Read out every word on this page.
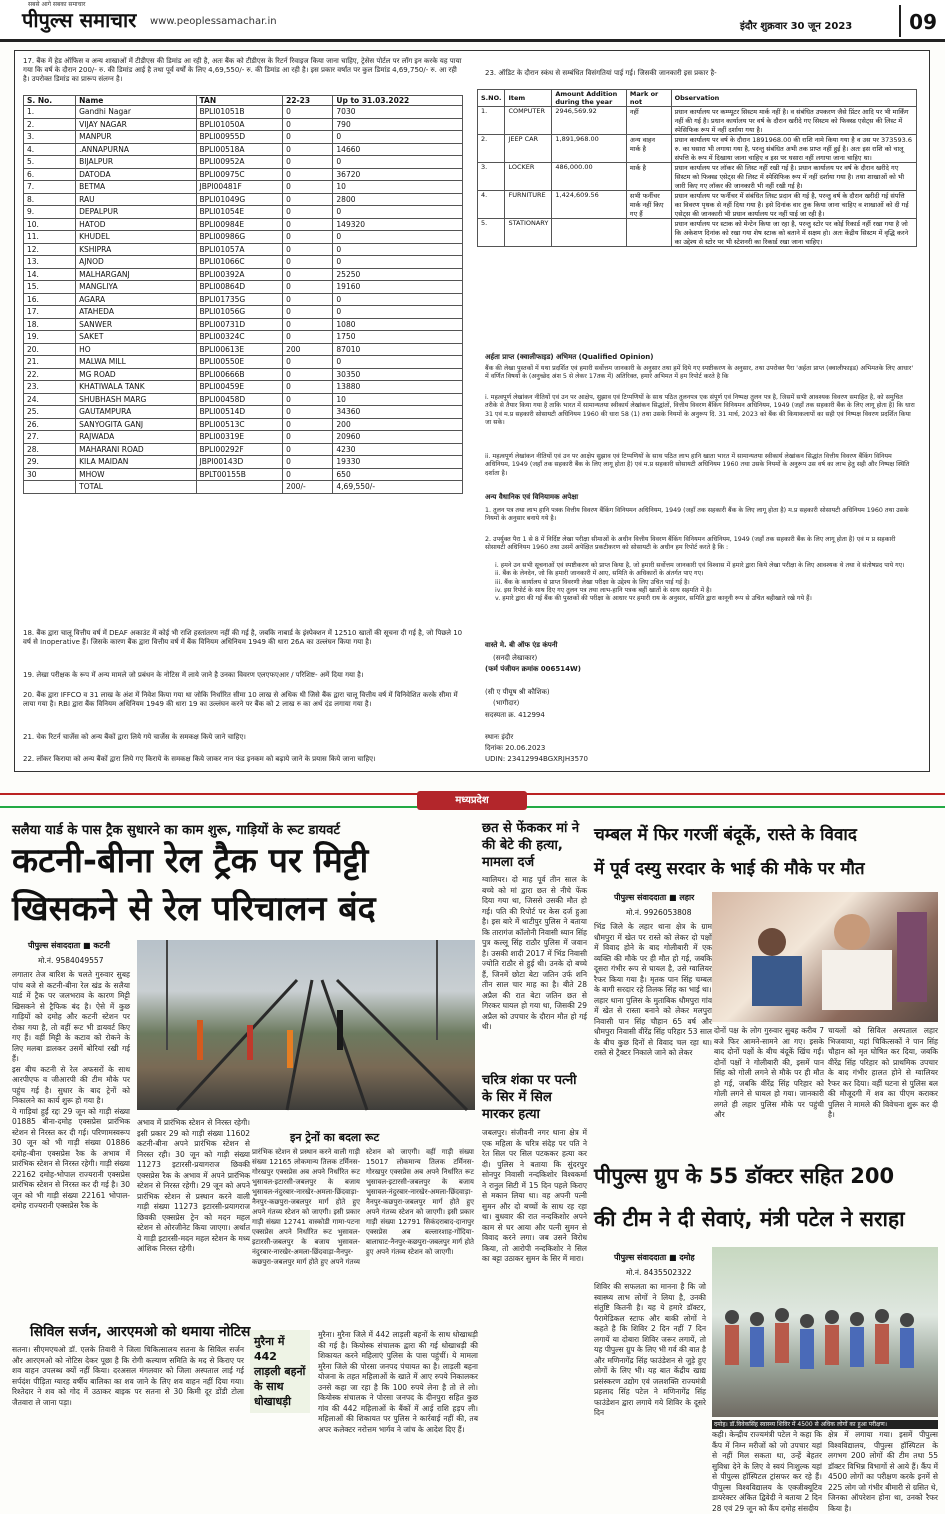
सबसे आगे सबका समाचार
पीपुल्स समाचार www.peoplessamachar.in	इंदौर शुक्रवार 30 जून 2023	09
17. बैंक में हेड ऑफिस व अन्य शाखाओं में टीडीएस की डिमांड आ रही है, अतः बैंक को टीडीएस के रिटर्न रिवाइज किया जाना चाहिए, ट्रेसेस पोर्टल पर लॉग इन करके यह पाया गया कि वर्ष के दौरान 200/- रु. की डिमांड आई है तथा पूर्व वर्षों के लिए 4,69,550/- रु. की डिमांड आ रही है। इस प्रकार वर्षांत पर कुल डिमांड 4,69,750/- रु. आ रही है। उपरोक्त डिमांड का प्रारूप संलग्न है।
S. No.	Name	TAN	22-23	Up to 31.03.2022
1.	Gandhi Nagar	BPLI01051B	0	7030
2.	VIJAY NAGAR	BPLI01050A	0	790
3.	MANPUR	BPLI00955D	0	0
4.	.ANNAPURNA	BPLI00518A	0	14660
5.	BIJALPUR	BPLI00952A	0	0
6.	DATODA	BPLI00975C	0	36720
7.	BETMA	JBPI00481F	0	10
8.	RAU	BPLI01049G	0	2800
9.	DEPALPUR	BPLI01054E	0	0
10.	HATOD	BPLI00984E	0	149320
11.	KHUDEL	BPLI00986G	0	0
12.	KSHIPRA	BPLI01057A	0	0
13.	AJNOD	BPLI01066C	0	0
14.	MALHARGANJ	BPLI00392A	0	25250
15.	MANGLIYA	BPLI00864D	0	19160
16.	AGARA	BPLI01735G	0	0
17.	ATAHEDA	BPLI01056G	0	0
18.	SANWER	BPLI00731D	0	1080
19.	SAKET	BPLI00324C	0	1750
20.	HO	BPLI00613E	200	87010
21.	MALWA MILL	BPLI00550E	0	0
22.	MG ROAD	BPLI00666B	0	30350
23.	KHATIWALA TANK	BPLI00459E	0	13880
24.	SHUBHASH MARG	BPLI00458D	0	10
25.	GAUTAMPURA	BPLI00514D	0	34360
26.	SANYOGITA GANJ	BPLI00513C	0	200
27.	RAJWADA	BPLI00319E	0	20960
28.	MAHARANI ROAD	BPLI00292F	0	4230
29.	KILA MAIDAN	JBPI00143D	0	19330
30	MHOW	BPLT00155B	0	650
	TOTAL		200/-	4,69,550/-
18. बैंक द्वारा चालू वित्तीय वर्ष में DEAF अकाउंट में कोई भी राशि हस्तांतरण नहीं की गई है, जबकि नाबार्ड के इंस्पेक्शन में 12510 खातों की सूचना दी गई है, जो पिछले 10 वर्ष से Inoperative हैं। जिसके कारण बैंक द्वारा वित्तीय वर्ष में बैंक विनियम अधिनियम 1949 की धारा 26A का उल्लंघन किया गया है।
19. लेखा परीक्षक के रूप में अन्य मामले जो प्रबंधन के नोटिस में लाये जाने है उनका विवरण एलएफएआर / परिशिष्ट- अमें दिया गया है।
20. बैंक द्वारा IFFCO व 31 लाख के अंश में निवेश किया गया था जोकि निर्धारित सीमा 10 लाख से अधिक थी जिसे बैंक द्वारा चालू वित्तीय वर्ष में विनिवेशित करके सीमा में लाया गया है। RBI द्वारा बैंक विनियम अधिनियम 1949 की धारा 19 का उल्लंघन करने पर बैंक को 2 लाख रु का अर्थ दंड लगाया गया है।
21. चेक रिटर्न चार्जेस को अन्य बैंकों द्वारा लिये गये चार्जेस के समकक्ष किये जाने चाहिए।
22. लॉकर किराया को अन्य बैंकों द्वारा लिये गए किराये के समकक्ष किये जाकर नान फंड इनकम को बढ़ाये जाने के प्रयास किये जाना चाहिए।
23. ऑडिट के दौरान स्कंध से सम्बंधित विसंगतियां पाई गई। जिसकी जानकारी इस प्रकार है-
S.NO.	Item	Amount Addition during the year	Mark or not	Observation
1.	COMPUTER	2946,569.92	नहीं	प्रधान कार्यालय पर कम्प्यूटर सिस्टम मार्क नहीं है। व संबंधित उपकरण जैसे प्रिंटर आदि पर भी मार्किंग नहीं की गई है। प्रधान कार्यालय पर वर्ष के दौरान खरीदे गए सिस्टम को फिक्स्ड एसेट्स की लिस्ट में स्पेसिफिक रूप में नहीं दर्शाया गया है।
2.	JEEP CAR	1,891,968.00	अन्य वाहन मार्क है	प्रधान कार्यालय पर वर्ष के दौरान 1891968.00 की राशि नामे किया गया है व उस पर 373593.6 रु. का घसारा भी लगाया गया है, परन्तु संबंधित अभी तक प्राप्त नहीं हुई है। अतः इस राशि को चालू संपत्ति के रूप में दिखाया जाना चाहिए व इस पर घसारा नहीं लगाया जाना चाहिए था।
3.	LOCKER	486,000.00	मार्क है	प्रधान कार्यालय पर लॉकर की लिस्ट नहीं रखी गई है। प्रधान कार्यालय पर वर्ष के दौरान खरीदे गए सिस्टम को फिक्स्ड एसेट्स की लिस्ट में स्पेसिफिक रूप में नहीं दर्शाया गया है। तथा शाखाओं को भी जारी किए गए लॉकर की जानकारी भी नहीं रखी गई है।
4.	FURNITURE	1,424,609.56	सभी फर्नीचर मार्क नहीं किए गए हैं	प्रधान कार्यालय पर फर्नीचर में संबंधित लिस्ट प्रदान की गई है, परन्तु वर्ष के दौरान खरीदी गई संपत्ति का विवरण पृथक से नहीं दिया गया है। इसे दिनांक वार तुक किया जाना चाहिए व शाखाओं को दी गई एसेट्स की जानकारी भी प्रधान कार्यालय पर नहीं पाई जा रही है।
5.	STATIONARY			प्रधान कार्यालय पर स्टाक को मेन्टेन किया जा रहा है, परन्तु स्टोर पर कोई रिकार्ड नहीं रखा गया है जो कि अकेशण दिनांक को रखा गया शेष स्टाक को बताने में सक्षम हो। अतः केंद्रीय सिस्टम में वृद्धि करने का उद्देश्य से स्टोर पर भी स्टेशनरी का रिकार्ड रखा जाना चाहिए।
अर्हता प्राप्त (क्वालीफाइड) अभिमत (Qualified Opinion)
बैंक की लेखा पुस्तकों में यथा प्रदर्शित एवं हमारी सर्वोत्तम जानकारी के अनुसार तथा हमें दिये गए स्पष्टीकरण के अनुसार, तथा उपरोक्त पैरा 'अर्हता प्राप्त (क्वालीफाइड) अभिमतके लिए आधार' में वर्णित विषयों के (अनुच्छेद अंश 5 से लेकर 17तक में) अतिरिक्त, हमारे अभिमत में हम रिपोर्ट करते है कि
i. महत्वपूर्ण लेखांकन नीतियों एवं उन पर आक्षेप, सुझाव एवं टिप्पणियों के साथ पठित तुलनपत्र एक संपूर्ण एवं निष्पक्ष तुलन पत्र है, जिसमें सभी आवश्यक विवरण समाहित है, को समुचित तरीके से तैयार किया गया है ताकि भारत में सामान्यतया स्वीकार्य लेखांकन सिद्धांतों, वित्तीय विवरण बैंकिंग विनियमन अधिनियम, 1949 (जहाँ तक सहकारी बैंक के लिए लागू होता है) कि धारा 31 एवं म.प्र सहकारी सोसायटी अधिनियम 1960 की धारा 58 (1) तथा उसके नियमों के अनुरूप दि. 31 मार्च, 2023 को बैंक की कियाकलापों का सही एवं निष्पक्ष विवरण प्रदर्शित किया जा सके।
ii. महत्वपूर्ण लेखांकन नीतियों एवं उन पर आक्षेप सुझाव एवं टिप्पणियों के साथ पठित लाभ हानि खाता भारत में सामान्यतया स्वीकार्य लेखांकन सिद्धांत वित्तीय विवरण बैंकिंग विनियम अधिनियम, 1949 (जहाँ तक सहकारी बैंक के लिए लागू होता है) एवं म.प्र सहकारी सोसायटी अधिनियम 1960 तथा उसके नियमों के अनुरूप उस वर्ष का लाभ हेतु सही और निष्पक्ष स्थिति दर्शाता है।
अन्य वैधानिक एवं विनियामक अपेक्षा
1. तुलन पत्र तथा लाभ हानि पत्रक वित्तीय विवरण बैंकिंग विनियमन अधिनियम, 1949 (जहाँ तक सहकारी बैंक के लिए लागू होता है) म.प्र सहकारी सोसायटी अधिनियम 1960 तथा उसके नियमों के अनुसार बनाये गये है।
2. उपर्युक्त पैरा 1 से 8 में निर्दिष्ट लेखा परीक्षा सीमाओं के अधीन वित्तीय विवरण बैंकिंग विनियमन अधिनियम, 1949 (जहाँ तक सहकारी बैंक के लिए लागू होता है) एवं म प्र सहकारी सोसायटी अधिनियम 1960 तथा उसमें अपेक्षित प्रकटीकरण को सोसायटी के अधीन हम रिपोर्ट करते है कि :
i. हमने उन सभी सूचनाओं एवं स्पष्टीकरण को प्राप्त किया है, जो हमारी सर्वोत्तम जानकारी एवं विश्वास में हमारे द्वारा किये लेखा परीक्षा के लिए आवश्यक थे तथा वे संतोषप्रद पाये गए।
ii. बैंक के लेनदेन, जो कि हमारी जानकारी में आए, समिति के अधिकारों के अंतर्गत पाए गए।
iii. बैंक के कार्यालय से प्राप्त विवरणी लेखा परीक्षा के उद्देश्य के लिए उचित पाई गई है।
iv. इस रिपोर्ट के साथ दिए गए तुलन पत्र तथा लाभ-हानि पत्रक बहीं खातों के साथ सहमति में है।
v. हमारे द्वारा की गई बैंक की पुस्तकों की परीक्षा के आधार पर हमारी राय के अनुसार, समिति द्वारा कानूनी रूप से उचित बहीखाते रखे गये हैं।
वास्ते मे. बी ऑफ एंड कंपनी
(सनदी लेखाकार)
(फर्म पंजीयन क्रमांक 006514W)
(सी ए पीयूष श्री कौशिक)
(भागीदार)
सदस्यता क्र. 412994
स्थानः इंदौर
दिनांकः 20.06.2023
UDIN: 23412994BGXRJH3570
मध्यप्रदेश
सलैया यार्ड के पास ट्रैक सुधारने का काम शुरू, गाड़ियों के रूट डायवर्ट
कटनी-बीना रेल ट्रैक पर मिट्टी
खिसकने से रेल परिचालन बंद
पीपुल्स संवाददाता ■ कटनी
मो.नं. 9584049557
लगातार तेज बारिश के चलते गुरुवार सुबह पांच बजे से कटनी-बीना रेल खंड के सलैया यार्ड में ट्रैक पर जलभराव के कारण मिट्टी खिसकने से ट्रैफिक बंद है। ऐसे में कुछ गाड़ियों को दमोह और कटनी स्टेशन पर रोका गया है, तो वहीं रूट भी डायवर्ट किए गए हैं। वहीं मिट्टी के कटाव को रोकने के लिए मलबा डालकर उसमें बोरियां रखी गई हैं।
इस बीच कटनी से रेल अफसरों के साथ आरपीएफ व जीआरपी की टीम मौके पर पहुंच गई है। सुधार के बाद ट्रेनों को निकालने का कार्य शुरू हो गया है।
ये गाड़ियां हुईं रद्दः 29 जून को गाड़ी संख्या 01885 बीना-दमोह एक्सप्रेस प्रारंभिक स्टेशन से निरस्त कर दी गई। परिणामस्वरूप 30 जून को भी गाड़ी संख्या 01886 दमोह-बीना एक्सप्रेस रैक के अभाव में प्रारंभिक स्टेशन से निरस्त रहेगी। गाड़ी संख्या 22162 दमोह-भोपाल राज्यरानी एक्सप्रेस प्रारंभिक स्टेशन से निरस्त कर दी गई है। 30 जून को भी गाड़ी संख्या 22161 भोपाल-दमोह राज्यरानी एक्सप्रेस रैक के
अभाव में प्रारंभिक स्टेशन से निरस्त रहेगी। इसी प्रकार 29 को गाड़ी संख्या 11602 कटनी-बीना अपने प्रारंभिक स्टेशन से निरस्त रही। 30 जून को गाड़ी संख्या 11273 इटारसी-प्रयागराज छिवकी एक्सप्रेस रैक के अभाव में अपने प्रारंभिक स्टेशन से निरस्त रहेगी। 29 जून को अपने प्रारंभिक स्टेशन से प्रस्थान करने वाली गाड़ी संख्या 11273 इटारसी-प्रयागराज छिवकी एक्सप्रेस ट्रेन को मदन महल स्टेशन से ओरजीनेट किया जाएगा। अर्थात ये गाड़ी इटारसी-मदन महल स्टेशन के मध्य आंशिक निरस्त रहेगी।
इन ट्रेनों का बदला रूट
प्रारंभिक स्टेशन से प्रस्थान करने वाली गाड़ी संख्या 12165 लोकमान्य तिलक टर्मिनस-गोरखपुर एक्सप्रेस अब अपने निर्धारित रूट भुसावल-इटारसी-जबलपुर के बजाय भुसावल-नंदुरबार-नारखेर-अमला-छिंदवाड़ा-नैनपुर-कछपुरा-जबलपुर मार्ग होते हुए अपने गंतव्य स्टेशन को जाएगी। इसी प्रकार गाड़ी संख्या 12741 वास्कोडी गामा-पटना एक्सप्रेस अपने निर्धारित रूट भुसावल-इटारसी-जबलपुर के बजाय भुसावल-नंदुरबार-नारखेर-अमला-छिंदवाड़ा-नैनपुर-कछपुरा-जबलपुर मार्ग होते हुए अपने गंतव्य स्टेशन को जाएगी। वहीं गाड़ी संख्या 15017 लोकमान्य तिलक टर्मिनस-गोरखपुर एक्सप्रेस अब अपने निर्धारित रूट भुसावल-इटारसी-जबलपुर के बजाय भुसावल-नंदुरबार-नारखेर-अमला-छिंदवाड़ा-नैनपुर-कछपुरा-जबलपुर मार्ग होते हुए अपने गंतव्य स्टेशन को जाएगी। इसी प्रकार गाड़ी संख्या 12791 सिकंदराबाद-दानापुर एक्सप्रेस अब बल्लारशाह-गोंदिया-बालाघाट-नैनपुर-कछपुरा-जबलपुर मार्ग होते हुए अपने गंतव्य स्टेशन को जाएगी।
सिविल सर्जन, आरएमओ को थमाया नोटिस
सतना। सीएमएचओ डॉ. एलके तिवारी ने जिला चिकित्सालय सतना के सिविल सर्जन और आरएमओ को नोटिस देकर पूछा है कि रोगी कल्याण समिति के मद से किराए पर शव वाहन उपलब्ध क्यों नहीं किया। दरअसल मंगलवार को जिला अस्पताल लाई गई सर्पदंश पीड़िता ग्यारह वर्षीय बालिका का शव जाने के लिए शव वाहन नहीं दिया गया। रिश्तेदार ने शव को गोद में उठाकर बाइक पर सतना से 30 किमी दूर डोंडी टोला जैतवारा ले जाना पड़ा।
मुरैना में 442 लाड़ली बहनों के साथ धोखाधड़ी
मुरैना। मुरैना जिले में 442 लाड़ली बहनों के साथ धोखाधड़ी की गई है। कियोस्क संचालक द्वारा की गई धोखाधड़ी की शिकायत करने महिलाएं पुलिस के पास पहुंचीं। ये मामला मुरैना जिले की पोरसा जनपद पंचायत का है। लाड़ली बहना योजना के तहत महिलाओं के खाते में आए रुपये निकालकर उनसे कहा जा रहा है कि 100 रुपये लेना है तो ले लो। कियोस्क संचालक ने पोरसा जनपद के दीनपुरा सहित कुछ गांव की 442 महिलाओं के बैंकों में आई राशि हड़प ली। महिलाओं की शिकायत पर पुलिस ने कार्रवाई नहीं की, तब अपर कलेक्टर नरोत्तम भार्गव ने जांच के आदेश दिए हैं।
छत से फेंककर मां ने की बेटे की हत्या, मामला दर्ज
ग्वालियर। दो माह पूर्व तीन साल के बच्चे को मां द्वारा छत से नीचे फेंक दिया गया था, जिससे उसकी मौत हो गई। पति की रिपोर्ट पर केस दर्ज हुआ है। इस बारे में थाटीपुर पुलिस ने बताया कि तारागंज कॉलोनी निवासी ध्यान सिंह पुत्र कल्लू सिंह राठौर पुलिस में जवान है। उसकी शादी 2017 में भिंड निवासी ज्योति राठौर से हुई थी। उनके दो बच्चे हैं, जिनमें छोटा बेटा जतिन उर्फ शनि तीन साल चार माह का है। बीते 28 अप्रैल की रात बेटा जतिन छत से गिरकर घायल हो गया था, जिसकी 29 अप्रैल को उपचार के दौरान मौत हो गई थी।
चरित्र शंका पर पत्नी के सिर में सिल मारकर हत्या
जबलपुर। संजीवनी नगर थाना क्षेत्र में एक महिला के चरित्र संदेह पर पति ने रेत सिल पर सिल पटककर हत्या कर दी। पुलिस ने बताया कि सुंदरपुर सोनपुर निवासी नन्दकिशोर विश्वकर्मा ने रानुल सिटी में 15 दिन पहले किराए से मकान लिया था। वह अपनी पत्नी सुमन और दो बच्चों के साथ रह रहा था। बुधवार की रात नन्दकिशोर अपने काम से घर आया और पत्नी सुमन से विवाद करने लगा। जब उसने विरोध किया, तो आरोपी नन्दकिशोर ने सिल का बट्टा उठाकर सुमन के सिर में मारा।
चम्बल में फिर गरजीं बंदूकें, रास्ते के विवाद
में पूर्व दस्यु सरदार के भाई की मौके पर मौत
पीपुल्स संवाददाता ■ लहार
मो.नं. 9926053808
भिंड जिले के लहार थाना क्षेत्र के ग्राम धौमपुरा में खेत पर रास्ते को लेकर दो पक्षों में विवाद होने के बाद गोलीबारी में एक व्यक्ति की मौके पर ही मौत हो गई, जबकि दूसरा गंभीर रूप से घायल है, उसे ग्वालियर रैफर किया गया है। मृतक पान सिंह चम्बल के बागी सरदार रहे तिलक सिंह का भाई था।
लहार थाना पुलिस के मुताबिक धौमपुरा गांव में खेत से रास्ता बनाने को लेकर मलपुरा निवासी पान सिंह चौहान 65 वर्ष और धौमपुरा निवासी वीरेंद्र सिंह परिहार 53 साल के बीच कुछ दिनों से विवाद चल रहा था। रास्ते से ट्रैक्टर निकाले जाने को लेकर
दोनों पक्ष के लोग गुरुवार सुबह करीब 7 बजे फिर आमने-सामने आ गए। इसके बाद दोनों पक्षों के बीच बंदूकें खिंच गईं। दोनों पक्षों ने गोलीबारी की, इसमें पान सिंह को गोली लगने से मौके पर ही मौत हो गई, जबकि वीरेंद्र सिंह परिहार को गोली लगने से घायल हो गया। जानकारी लगते ही लहार पुलिस मौके पर पहुंची और
चायलों को सिविल अस्पताल लहार भिजवाया, यहां चिकित्सकों ने पान सिंह चौहान को मृत घोषित कर दिया, जबकि वीरेंद्र सिंह परिहार को प्राथमिक उपचार के बाद गंभीर हालत होने से ग्वालियर रैफर कर दिया। वहीं घटना से पुलिस बल की मौजूदगी में शव का पीएम कराकर पुलिस ने मामले की विवेचना शुरू कर दी है।
पीपुल्स ग्रुप के 55 डॉक्टर सहित 200
की टीम ने दी सेवाएं, मंत्री पटेल ने सराहा
पीपुल्स संवाददाता ■ दमोह
मो.नं. 8435502322
शिविर की सफलता का मानना है कि जो स्वास्थ्य लाभ लोगों ने लिया है, उनकी संतुष्टि कितनी है। यह ये हमारे डॉक्टर, पैरामेडिकल स्टाफ और बाकी लोगों ने कहते है कि शिविर 2 दिन नहीं 7 दिन लगायें या दोबारा शिविर जरूर लगायें, तो यह पीपुल्स ग्रुप के लिए भी गर्व की बात है और मणिनागेंद्र सिंह फाउंडेशन से जुड़े हुए लोगों के लिए भी। यह बात केंद्रीय खाद्य प्रसंस्करण उद्योग एवं जलशक्ति राज्यमंत्री प्रहलाद सिंह पटेल ने मणिनागेंद्र सिंह फाउंडेशन द्वारा लगाये गये शिविर के दूसरे दिन
दमोह। डॉ.विवेकसिंह स्वास्थ्य शिविर में 4500 से अधिक लोगों का हुआ परीक्षण।
कही। केन्द्रीय राज्यमंत्री पटेल ने कहा कि कैंप में निम्न मरीजों को जो उपचार यहां से नहीं मिल सकता था, उन्हें बेहतर सुविधा देने के लिए वे स्वयं निःशुल्क यहां से पीपुल्स हॉस्पिटल ट्रांसफर कर रहे हैं। पीपुल्स विश्वविद्यालय के एक्जीक्यूटिव डायरेक्टर अंकित द्विवेदी ने बताया 2 दिन 28 एवं 29 जून को कैंप दमोह संसदीय
क्षेत्र में लगाया गया। इसमें पीपुल्स विश्वविद्यालय, पीपुल्स हॉस्पिटल के लगभग 200 लोगों की टीम तथा 55 डॉक्टर विभिन्न विभागों से आये हैं। कैंप में 4500 लोगों का परीक्षण करके इनमें से 225 लोग जो गंभीर बीमारी से ग्रसित थे, जिनका ऑपरेशन होना था, उनको रैफर किया है।
